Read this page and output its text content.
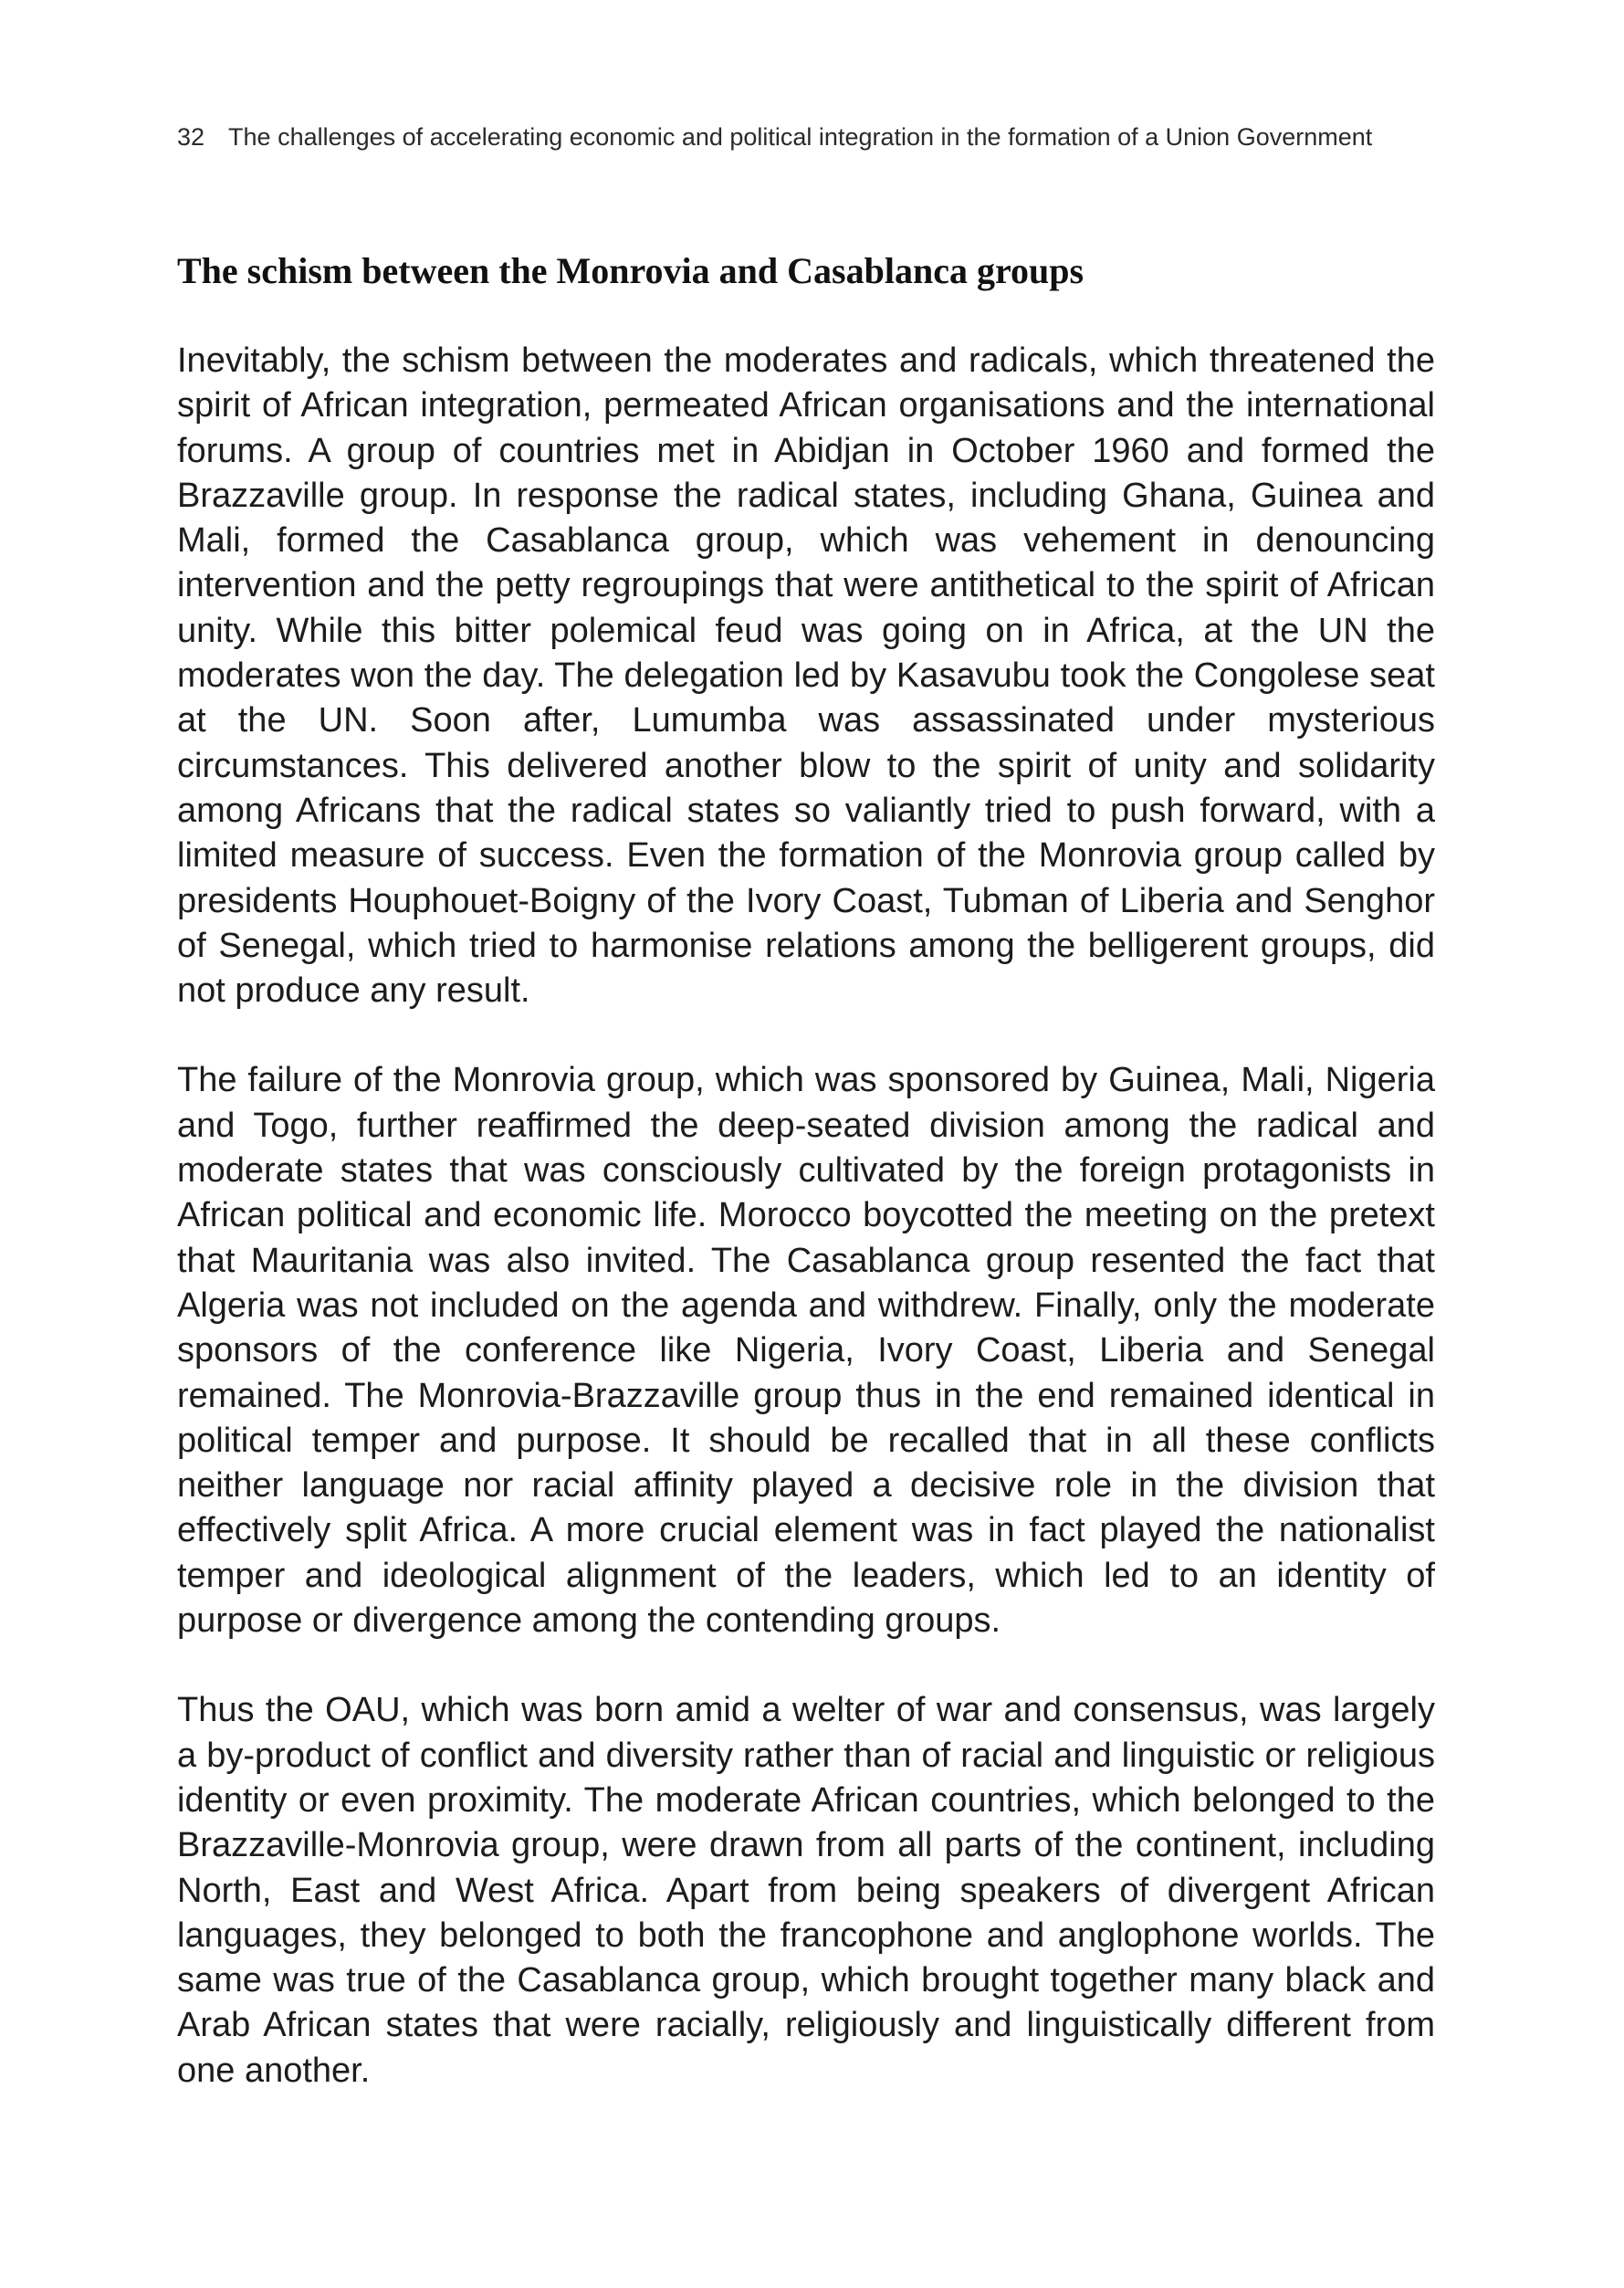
32 The challenges of accelerating economic and political integration in the formation of a Union Government
The schism between the Monrovia and Casablanca groups

Inevitably, the schism between the moderates and radicals, which threatened the spirit of African integration, permeated African organisations and the international forums. A group of countries met in Abidjan in October 1960 and formed the Brazzaville group. In response the radical states, including Ghana, Guinea and Mali, formed the Casablanca group, which was vehement in denouncing intervention and the petty regroupings that were antithetical to the spirit of African unity. While this bitter polemical feud was going on in Africa, at the UN the moderates won the day. The delegation led by Kasavubu took the Congolese seat at the UN. Soon after, Lumumba was assassinated under mysterious circumstances. This delivered another blow to the spirit of unity and solidarity among Africans that the radical states so valiantly tried to push forward, with a limited measure of success. Even the formation of the Monrovia group called by presidents Houphouet-Boigny of the Ivory Coast, Tubman of Liberia and Senghor of Senegal, which tried to harmonise relations among the belligerent groups, did not produce any result.

The failure of the Monrovia group, which was sponsored by Guinea, Mali, Nigeria and Togo, further reaffirmed the deep-seated division among the radical and moderate states that was consciously cultivated by the foreign protagonists in African political and economic life. Morocco boycotted the meeting on the pretext that Mauritania was also invited. The Casablanca group resented the fact that Algeria was not included on the agenda and withdrew. Finally, only the moderate sponsors of the conference like Nigeria, Ivory Coast, Liberia and Senegal remained. The Monrovia-Brazzaville group thus in the end remained identical in political temper and purpose. It should be recalled that in all these conflicts neither language nor racial affinity played a decisive role in the division that effectively split Africa. A more crucial element was in fact played the nationalist temper and ideological alignment of the leaders, which led to an identity of purpose or divergence among the contending groups.

Thus the OAU, which was born amid a welter of war and consensus, was largely a by-product of conflict and diversity rather than of racial and linguistic or religious identity or even proximity. The moderate African countries, which belonged to the Brazzaville-Monrovia group, were drawn from all parts of the continent, including North, East and West Africa. Apart from being speakers of divergent African languages, they belonged to both the francophone and anglophone worlds. The same was true of the Casablanca group, which brought together many black and Arab African states that were racially, religiously and linguistically different from one another.
